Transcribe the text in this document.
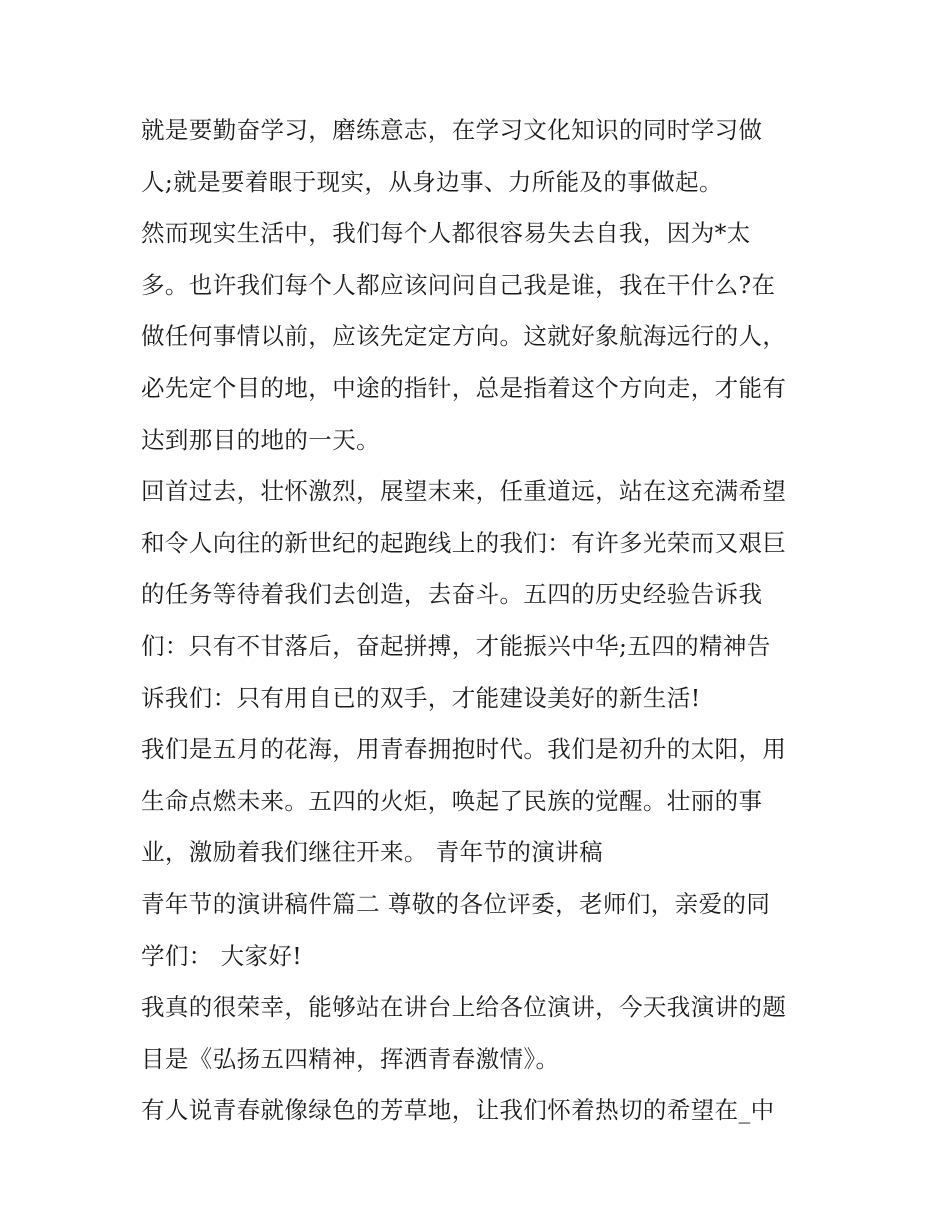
就是要勤奋学习，磨练意志，在学习文化知识的同时学习做
人;就是要着眼于现实，从身边事、力所能及的事做起。
然而现实生活中，我们每个人都很容易失去自我，因为*太
多。也许我们每个人都应该问问自己我是谁，我在干什么?在
做任何事情以前，应该先定定方向。这就好象航海远行的人，
必先定个目的地，中途的指针，总是指着这个方向走，才能有
达到那目的地的一天。
回首过去，壮怀激烈，展望末来，任重道远，站在这充满希望
和令人向往的新世纪的起跑线上的我们：有许多光荣而又艰巨
的任务等待着我们去创造，去奋斗。五四的历史经验告诉我
们：只有不甘落后，奋起拼搏，才能振兴中华;五四的精神告
诉我们：只有用自已的双手，才能建设美好的新生活!
我们是五月的花海，用青春拥抱时代。我们是初升的太阳，用
生命点燃未来。五四的火炬，唤起了民族的觉醒。壮丽的事
业，激励着我们继往开来。 青年节的演讲稿
青年节的演讲稿件篇二 尊敬的各位评委，老师们，亲爱的同
学们： 大家好!
我真的很荣幸，能够站在讲台上给各位演讲，今天我演讲的题
目是《弘扬五四精神，挥洒青春激情》。
有人说青春就像绿色的芳草地，让我们怀着热切的希望在_中
